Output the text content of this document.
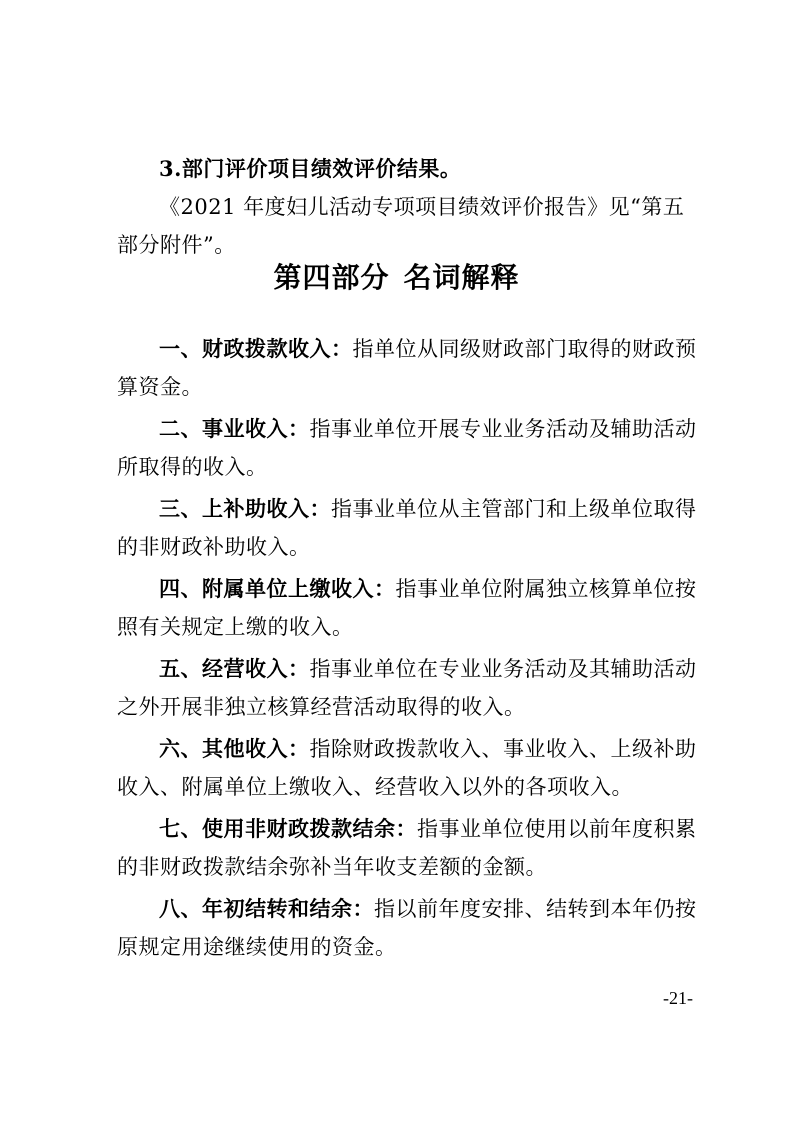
3.部门评价项目绩效评价结果。

《2021 年度妇儿活动专项项目绩效评价报告》见“第五部分附件”。

第四部分 名词解释

一、财政拨款收入：指单位从同级财政部门取得的财政预算资金。

二、事业收入：指事业单位开展专业业务活动及辅助活动所取得的收入。

三、上补助收入：指事业单位从主管部门和上级单位取得的非财政补助收入。

四、附属单位上缴收入：指事业单位附属独立核算单位按照有关规定上缴的收入。

五、经营收入：指事业单位在专业业务活动及其辅助活动之外开展非独立核算经营活动取得的收入。

六、其他收入：指除财政拨款收入、事业收入、上级补助收入、附属单位上缴收入、经营收入以外的各项收入。

七、使用非财政拨款结余：指事业单位使用以前年度积累的非财政拨款结余弥补当年收支差额的金额。

八、年初结转和结余：指以前年度安排、结转到本年仍按原规定用途继续使用的资金。

-21-
